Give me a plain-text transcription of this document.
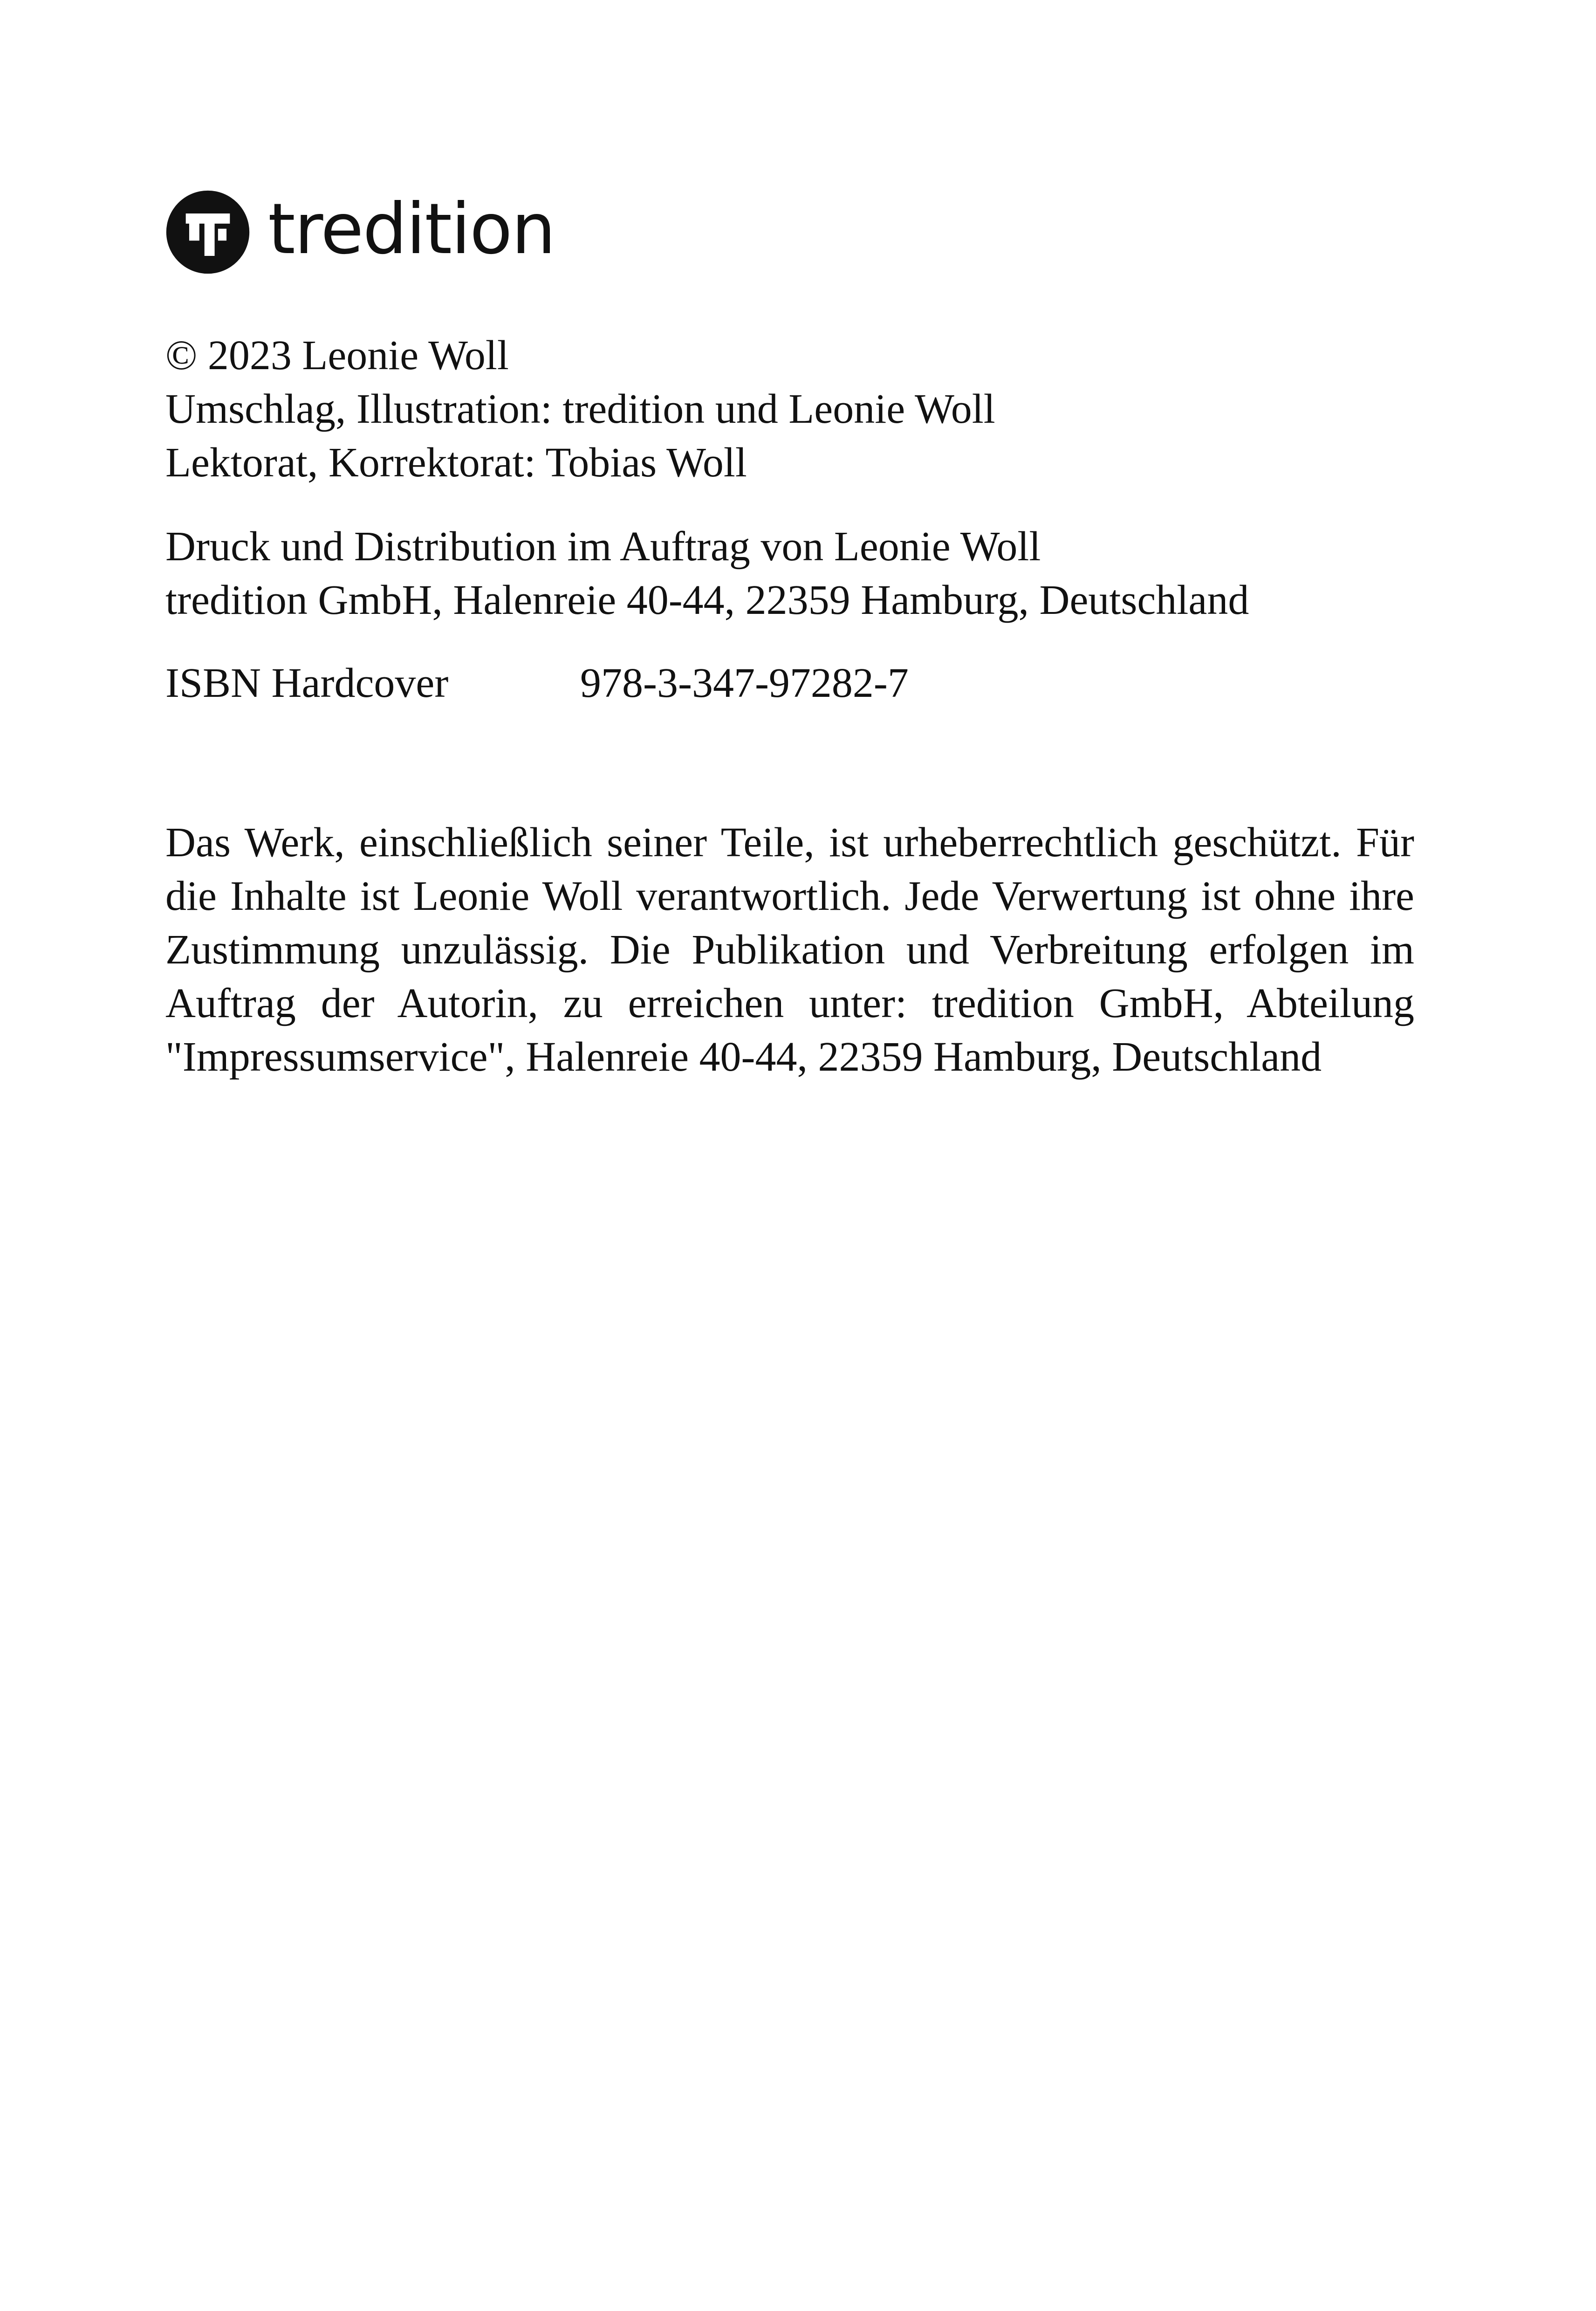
tredition
© 2023 Leonie Woll
Umschlag, Illustration: tredition und Leonie Woll
Lektorat, Korrektorat: Tobias Woll
Druck und Distribution im Auftrag von Leonie Woll
tredition GmbH, Halenreie 40-44, 22359 Hamburg, Deutschland
ISBN Hardcover	978-3-347-97282-7
Das Werk, einschließlich seiner Teile, ist urheberrechtlich geschützt. Für die Inhalte ist Leonie Woll verantwortlich. Jede Verwertung ist ohne ihre Zustimmung unzulässig. Die Publikation und Verbreitung erfolgen im Auftrag der Autorin, zu erreichen unter: tredition GmbH, Abteilung "Impressumservice", Halenreie 40-44, 22359 Hamburg, Deutschland
